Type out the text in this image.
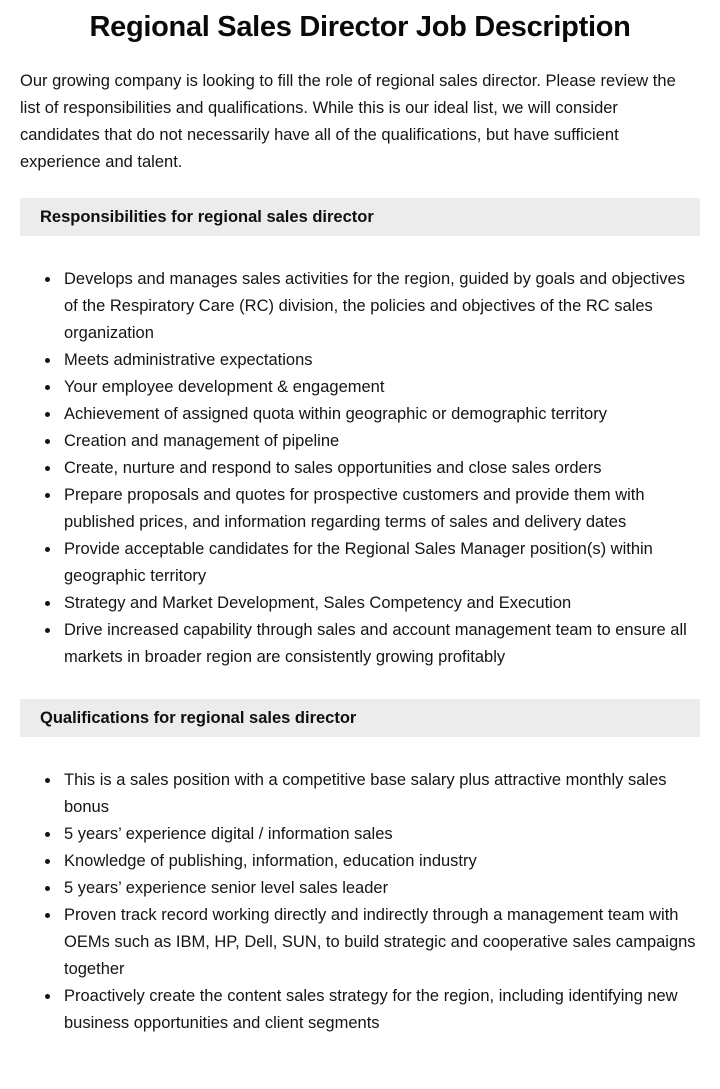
Regional Sales Director Job Description

Our growing company is looking to fill the role of regional sales director. Please review the list of responsibilities and qualifications. While this is our ideal list, we will consider candidates that do not necessarily have all of the qualifications, but have sufficient experience and talent.

Responsibilities for regional sales director
• Develops and manages sales activities for the region, guided by goals and objectives of the Respiratory Care (RC) division, the policies and objectives of the RC sales organization
• Meets administrative expectations
• Your employee development & engagement
• Achievement of assigned quota within geographic or demographic territory
• Creation and management of pipeline
• Create, nurture and respond to sales opportunities and close sales orders
• Prepare proposals and quotes for prospective customers and provide them with published prices, and information regarding terms of sales and delivery dates
• Provide acceptable candidates for the Regional Sales Manager position(s) within geographic territory
• Strategy and Market Development, Sales Competency and Execution
• Drive increased capability through sales and account management team to ensure all markets in broader region are consistently growing profitably
Qualifications for regional sales director
• This is a sales position with a competitive base salary plus attractive monthly sales bonus
• 5 years’ experience digital / information sales
• Knowledge of publishing, information, education industry
• 5 years’ experience senior level sales leader
• Proven track record working directly and indirectly through a management team with OEMs such as IBM, HP, Dell, SUN, to build strategic and cooperative sales campaigns together
• Proactively create the content sales strategy for the region, including identifying new business opportunities and client segments
